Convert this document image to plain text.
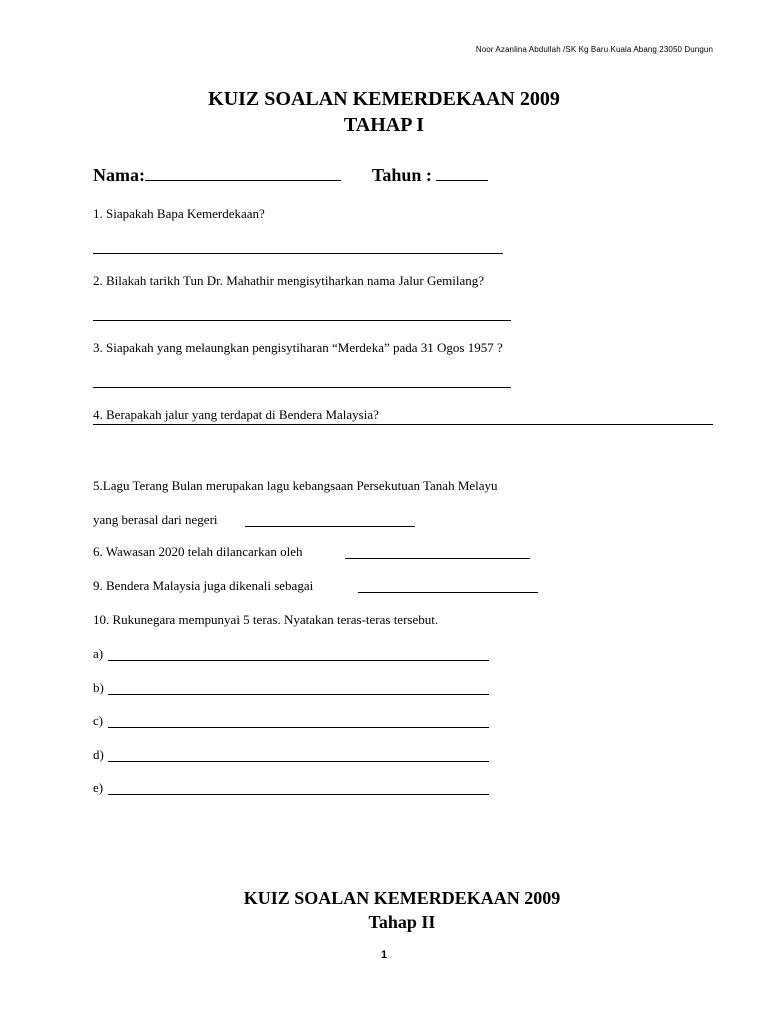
Noor Azanlina Abdullah /SK Kg Baru Kuala Abang 23050 Dungun
KUIZ SOALAN KEMERDEKAAN 2009
TAHAP I
Nama:	Tahun :
1. Siapakah Bapa Kemerdekaan?
2. Bilakah tarikh Tun Dr. Mahathir mengisytiharkan nama Jalur Gemilang?
3. Siapakah yang melaungkan pengisytiharan “Merdeka” pada 31 Ogos 1957 ?
4. Berapakah jalur yang terdapat di Bendera Malaysia?
5.Lagu Terang Bulan merupakan lagu kebangsaan Persekutuan Tanah Melayu
yang berasal dari negeri
6. Wawasan 2020 telah dilancarkan oleh
9. Bendera Malaysia juga dikenali sebagai
10. Rukunegara mempunyai 5 teras. Nyatakan teras-teras tersebut.
a)
b)
c)
d)
e)
KUIZ SOALAN KEMERDEKAAN 2009
Tahap II
1
